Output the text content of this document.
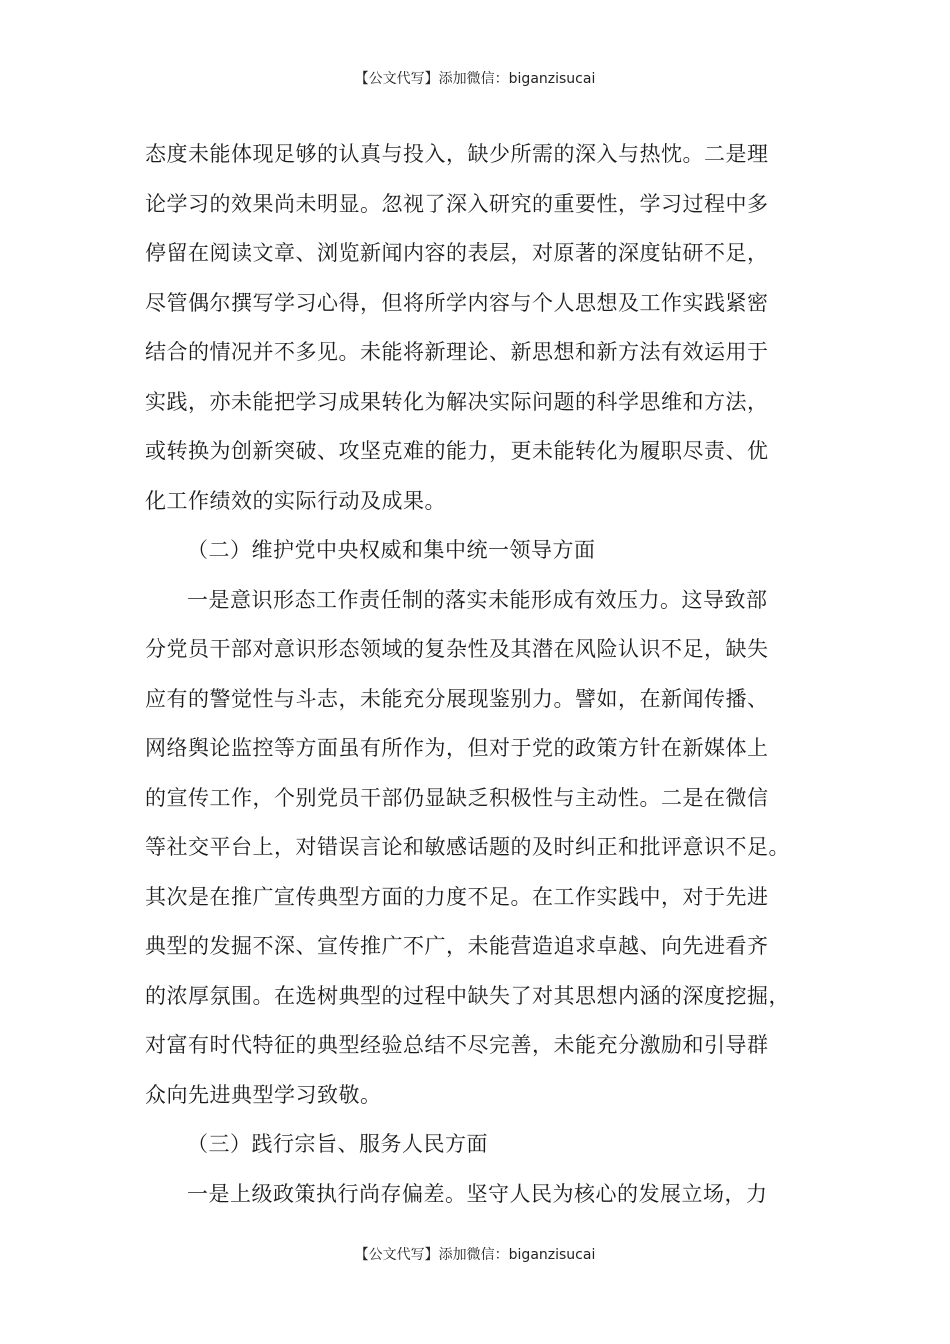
【公文代写】添加微信：biganzisucai
态度未能体现足够的认真与投入，缺少所需的深入与热忱。二是理
论学习的效果尚未明显。忽视了深入研究的重要性，学习过程中多
停留在阅读文章、浏览新闻内容的表层，对原著的深度钻研不足，
尽管偶尔撰写学习心得，但将所学内容与个人思想及工作实践紧密
结合的情况并不多见。未能将新理论、新思想和新方法有效运用于
实践，亦未能把学习成果转化为解决实际问题的科学思维和方法，
或转换为创新突破、攻坚克难的能力，更未能转化为履职尽责、优
化工作绩效的实际行动及成果。
（二）维护党中央权威和集中统一领导方面
一是意识形态工作责任制的落实未能形成有效压力。这导致部
分党员干部对意识形态领域的复杂性及其潜在风险认识不足，缺失
应有的警觉性与斗志，未能充分展现鉴别力。譬如，在新闻传播、
网络舆论监控等方面虽有所作为，但对于党的政策方针在新媒体上
的宣传工作，个别党员干部仍显缺乏积极性与主动性。二是在微信
等社交平台上，对错误言论和敏感话题的及时纠正和批评意识不足。
其次是在推广宣传典型方面的力度不足。在工作实践中，对于先进
典型的发掘不深、宣传推广不广，未能营造追求卓越、向先进看齐
的浓厚氛围。在选树典型的过程中缺失了对其思想内涵的深度挖掘，
对富有时代特征的典型经验总结不尽完善，未能充分激励和引导群
众向先进典型学习致敬。
（三）践行宗旨、服务人民方面
一是上级政策执行尚存偏差。坚守人民为核心的发展立场，力
【公文代写】添加微信：biganzisucai
